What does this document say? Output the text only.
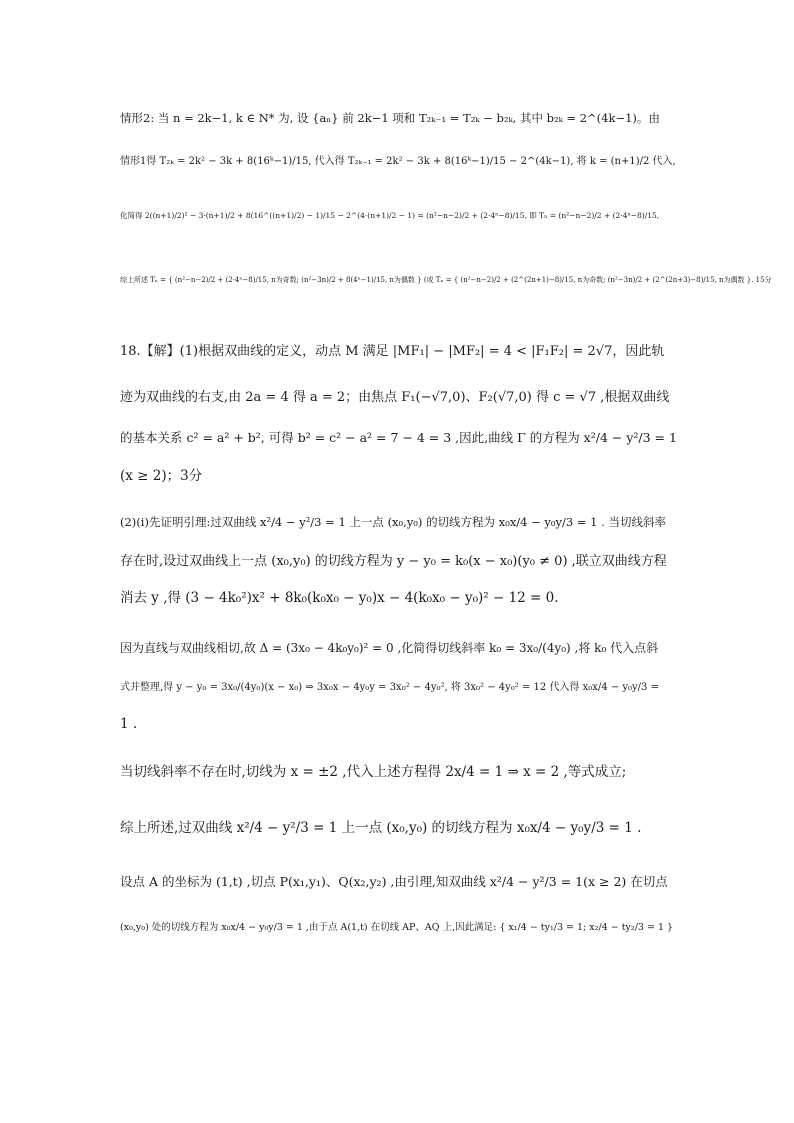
情形2: 当 n = 2k−1, k ∈ N* 为, 设 {aₙ} 前 2k−1 项和 T₂ₖ₋₁ = T₂ₖ − b₂ₖ, 其中 b₂ₖ = 2^(4k−1)。由
情形1得 T₂ₖ = 2k² − 3k + 8(16ᵏ−1)/15, 代入得 T₂ₖ₋₁ = 2k² − 3k + 8(16ᵏ−1)/15 − 2^(4k−1), 将 k = (n+1)/2 代入,
化简得 2((n+1)/2)² − 3·(n+1)/2 + 8(16^((n+1)/2) − 1)/15 − 2^(4·(n+1)/2 − 1) = (n²−n−2)/2 + (2·4ⁿ−8)/15, 即 Tₙ = (n²−n−2)/2 + (2·4ⁿ−8)/15,
综上所述 Tₙ = { (n²−n−2)/2 + (2·4ⁿ−8)/15, n为奇数; (n²−3n)/2 + 8(4ⁿ−1)/15, n为偶数 } (或 Tₙ = { (n²−n−2)/2 + (2^(2n+1)−8)/15, n为奇数; (n²−3n)/2 + (2^(2n+3)−8)/15, n为偶数 }. 15分
18.【解】(1)根据双曲线的定义，动点 M 满足 |MF₁| − |MF₂| = 4 < |F₁F₂| = 2√7，因此轨
迹为双曲线的右支,由 2a = 4 得 a = 2；由焦点 F₁(−√7,0)、F₂(√7,0) 得 c = √7 ,根据双曲线
的基本关系 c² = a² + b², 可得 b² = c² − a² = 7 − 4 = 3 ,因此,曲线 Γ 的方程为 x²/4 − y²/3 = 1
(x ≥ 2)；3分
(2)(i)先证明引理:过双曲线 x²/4 − y²/3 = 1 上一点 (x₀,y₀) 的切线方程为 x₀x/4 − y₀y/3 = 1 . 当切线斜率
存在时,设过双曲线上一点 (x₀,y₀) 的切线方程为 y − y₀ = k₀(x − x₀)(y₀ ≠ 0) ,联立双曲线方程
消去 y ,得 (3 − 4k₀²)x² + 8k₀(k₀x₀ − y₀)x − 4(k₀x₀ − y₀)² − 12 = 0.
因为直线与双曲线相切,故 Δ = (3x₀ − 4k₀y₀)² = 0 ,化简得切线斜率 k₀ = 3x₀/(4y₀) ,将 k₀ 代入点斜
式并整理,得 y − y₀ = 3x₀/(4y₀)(x − x₀) ⇒ 3x₀x − 4y₀y = 3x₀² − 4y₀², 将 3x₀² − 4y₀² = 12 代入得 x₀x/4 − y₀y/3 =
1 .
当切线斜率不存在时,切线为 x = ±2 ,代入上述方程得 2x/4 = 1 ⇒ x = 2 ,等式成立;
综上所述,过双曲线 x²/4 − y²/3 = 1 上一点 (x₀,y₀) 的切线方程为 x₀x/4 − y₀y/3 = 1 .
设点 A 的坐标为 (1,t) ,切点 P(x₁,y₁)、Q(x₂,y₂) ,由引理,知双曲线 x²/4 − y²/3 = 1(x ≥ 2) 在切点
(x₀,y₀) 处的切线方程为 x₀x/4 − y₀y/3 = 1 ,由于点 A(1,t) 在切线 AP、AQ 上,因此满足: { x₁/4 − ty₁/3 = 1; x₂/4 − ty₂/3 = 1 }
